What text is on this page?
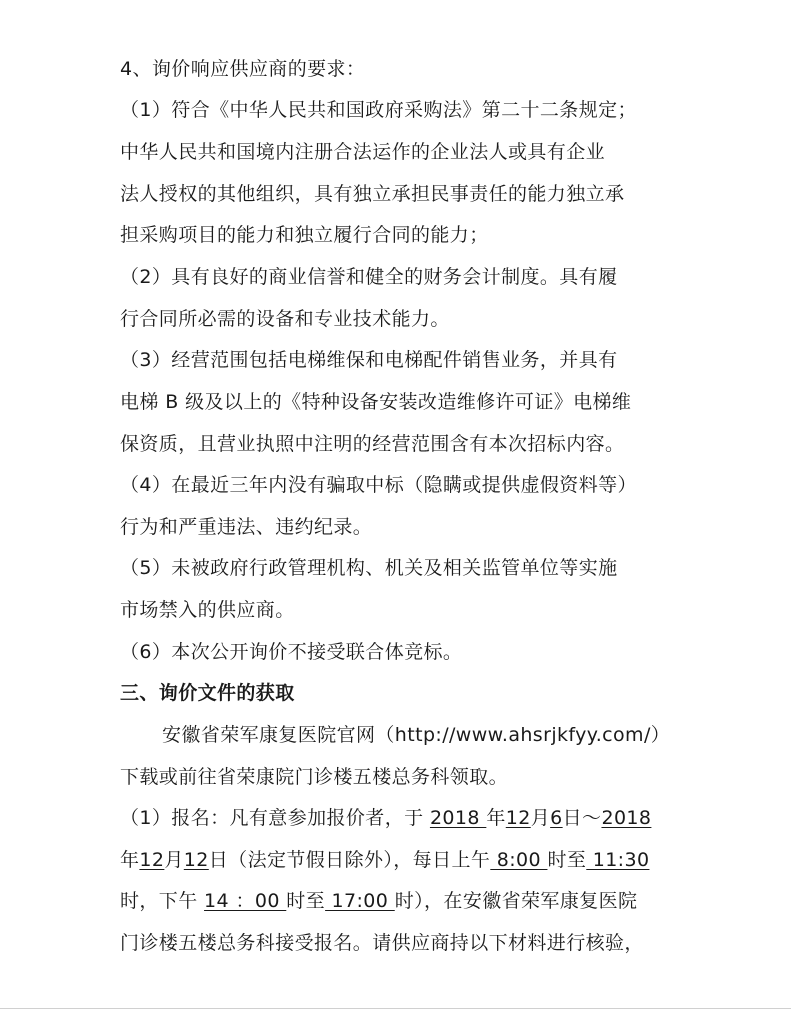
4、询价响应供应商的要求：
（1）符合《中华人民共和国政府采购法》第二十二条规定；
中华人民共和国境内注册合法运作的企业法人或具有企业
法人授权的其他组织，具有独立承担民事责任的能力独立承
担采购项目的能力和独立履行合同的能力；
（2）具有良好的商业信誉和健全的财务会计制度。具有履
行合同所必需的设备和专业技术能力。
（3）经营范围包括电梯维保和电梯配件销售业务，并具有
电梯 B 级及以上的《特种设备安装改造维修许可证》电梯维
保资质，且营业执照中注明的经营范围含有本次招标内容。
（4）在最近三年内没有骗取中标（隐瞒或提供虚假资料等）
行为和严重违法、违约纪录。
（5）未被政府行政管理机构、机关及相关监管单位等实施
市场禁入的供应商。
（6）本次公开询价不接受联合体竞标。
三、询价文件的获取
安徽省荣军康复医院官网（http://www.ahsrjkfyy.com/）
下载或前往省荣康院门诊楼五楼总务科领取。
（1）报名：凡有意参加报价者，于 2018 年12月6日～2018
年12月12日（法定节假日除外），每日上午 8:00 时至 11:30
时，下午 14 ：00 时至 17:00 时），在安徽省荣军康复医院
门诊楼五楼总务科接受报名。请供应商持以下材料进行核验，
